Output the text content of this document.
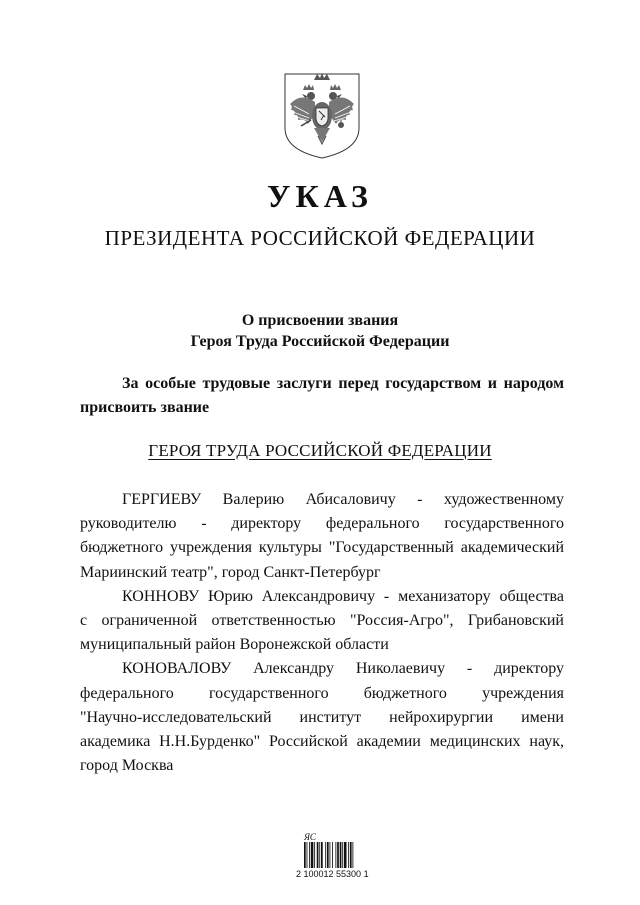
УКАЗ
ПРЕЗИДЕНТА РОССИЙСКОЙ ФЕДЕРАЦИИ
О присвоении звания
Героя Труда Российской Федерации
За особые трудовые заслуги перед государством и народом
присвоить звание
ГЕРОЯ ТРУДА РОССИЙСКОЙ ФЕДЕРАЦИИ
ГЕРГИЕВУ Валерию Абисаловичу - художественному
руководителю - директору федерального государственного
бюджетного учреждения культуры "Государственный академический
Мариинский театр", город Санкт-Петербург
КОННОВУ Юрию Александровичу - механизатору общества
с ограниченной ответственностью "Россия-Агро", Грибановский
муниципальный район Воронежской области
КОНОВАЛОВУ Александру Николаевичу - директору
федерального государственного бюджетного учреждения
"Научно-исследовательский институт нейрохирургии имени
академика Н.Н.Бурденко" Российской академии медицинских наук,
город Москва
ЯС
2 100012 55300 1
